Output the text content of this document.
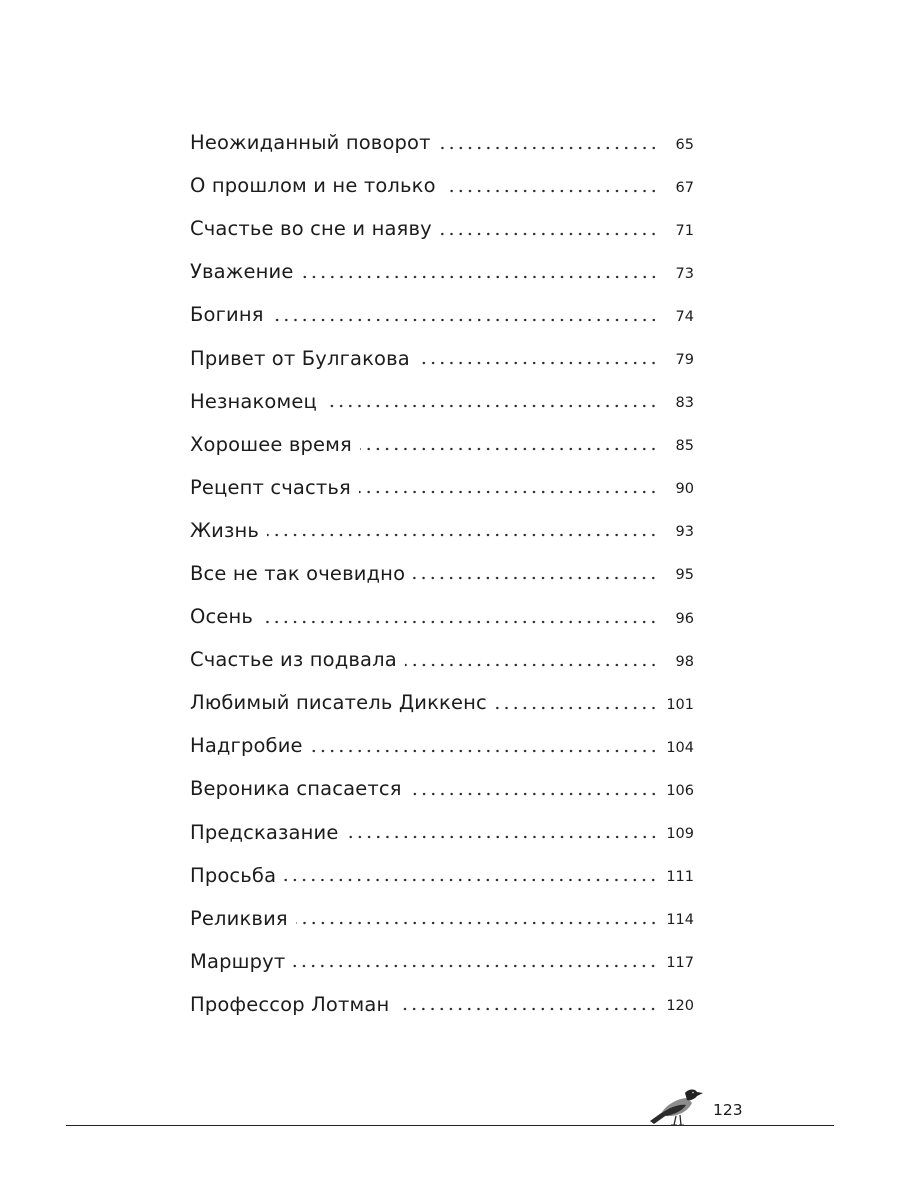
Неожиданный поворот	65
О прошлом и не только	67
Счастье во сне и наяву	71
Уважение	73
Богиня	74
Привет от Булгакова	79
Незнакомец	83
Хорошее время	85
Рецепт счастья	90
Жизнь	93
Все не так очевидно	95
Осень	96
Счастье из подвала	98
Любимый писатель Диккенс	101
Надгробие	104
Вероника спасается	106
Предсказание	109
Просьба	111
Реликвия	114
Маршрут	117
Профессор Лотман	120
123
